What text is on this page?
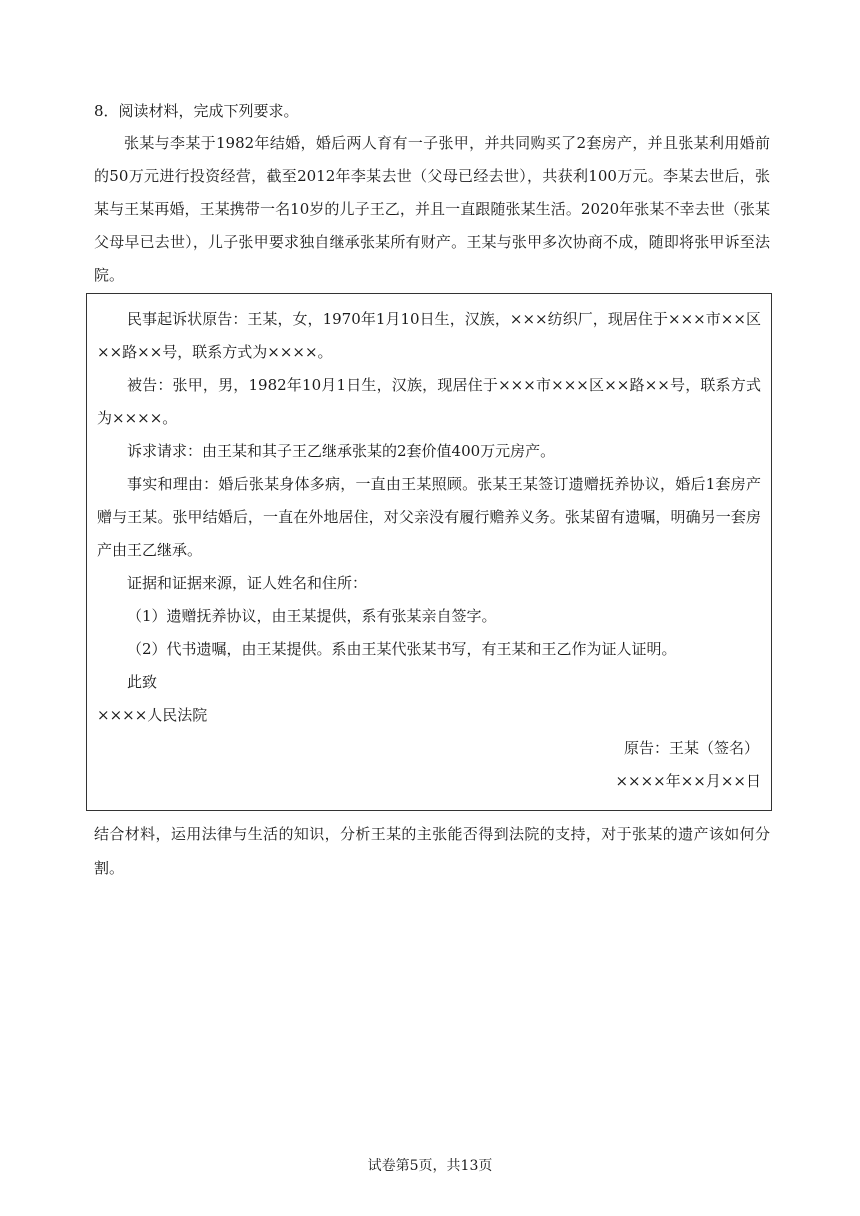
8．阅读材料，完成下列要求。

张某与李某于1982年结婚，婚后两人育有一子张甲，并共同购买了2套房产，并且张某利用婚前的50万元进行投资经营，截至2012年李某去世（父母已经去世），共获利100万元。李某去世后，张某与王某再婚，王某携带一名10岁的儿子王乙，并且一直跟随张某生活。2020年张某不幸去世（张某父母早已去世），儿子张甲要求独自继承张某所有财产。王某与张甲多次协商不成，随即将张甲诉至法院。

民事起诉状原告：王某，女，1970年1月10日生，汉族，×××纺织厂，现居住于×××市××区××路××号，联系方式为××××。

被告：张甲，男，1982年10月1日生，汉族，现居住于×××市×××区××路××号，联系方式为××××。

诉求请求：由王某和其子王乙继承张某的2套价值400万元房产。

事实和理由：婚后张某身体多病，一直由王某照顾。张某王某签订遗赠抚养协议，婚后1套房产赠与王某。张甲结婚后，一直在外地居住，对父亲没有履行赡养义务。张某留有遗嘱，明确另一套房产由王乙继承。

证据和证据来源，证人姓名和住所：

（1）遗赠抚养协议，由王某提供，系有张某亲自签字。

（2）代书遗嘱，由王某提供。系由王某代张某书写，有王某和王乙作为证人证明。

此致

××××人民法院

原告：王某（签名）

××××年××月××日

结合材料，运用法律与生活的知识，分析王某的主张能否得到法院的支持，对于张某的遗产该如何分割。

试卷第5页，共13页
